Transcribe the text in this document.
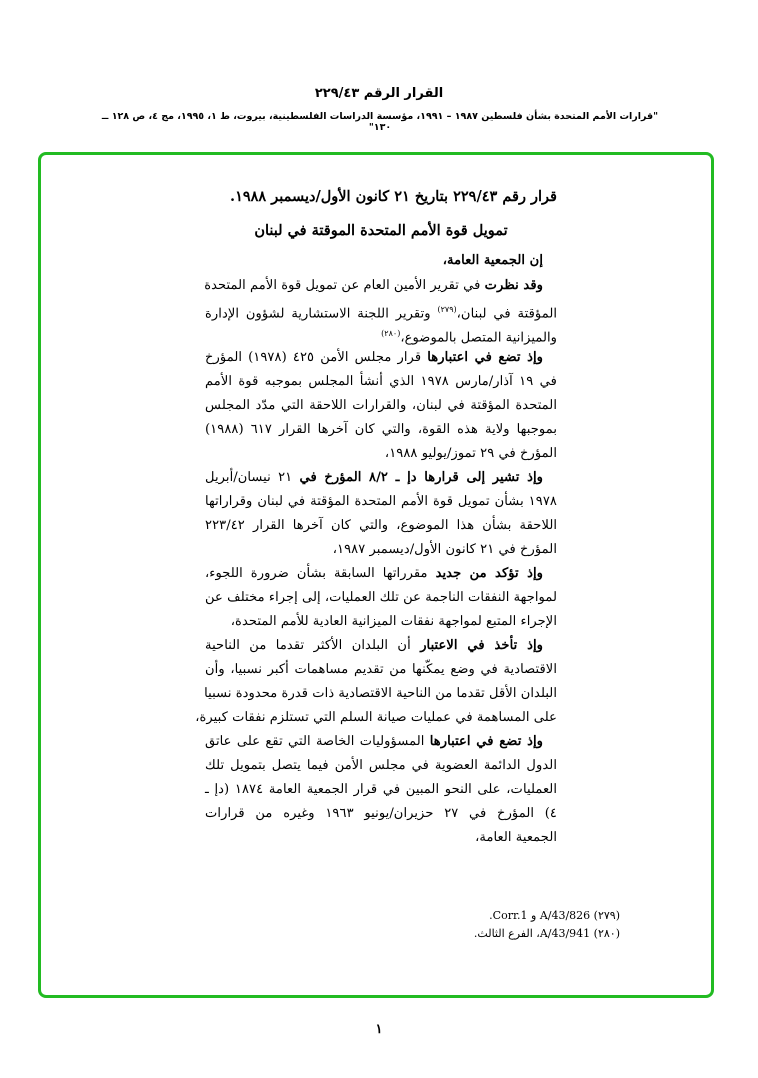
القرار الرقم ٢٢٩/٤٣
"قرارات الأمم المتحدة بشأن فلسطين ١٩٨٧ – ١٩٩١، مؤسسة الدراسات الفلسطينية، بيروت، ط ١، ١٩٩٥، مج ٤، ص ١٢٨ ــ ١٣٠"
قرار رقم ٢٢٩/٤٣ بتاريخ ٢١ كانون الأول/ديسمبر ١٩٨٨.
تمويل قوة الأمم المتحدة الموقتة في لبنان
إن الجمعية العامة،
وقد نظرت في تقرير الأمين العام عن تمويل قوة الأمم المتحدة
المؤقتة في لبنان،$^{(٢٧٩)}$ وتقرير اللجنة الاستشارية لشؤون الإدارة
والميزانية المتصل بالموضوع،$^{(٢٨٠)}$
وإذ تضع في اعتبارها قرار مجلس الأمن ٤٢٥ (١٩٧٨) المؤرخ
في ١٩ آذار/مارس ١٩٧٨ الذي أنشأ المجلس بموجبه قوة الأمم
المتحدة المؤقتة في لبنان، والقرارات اللاحقة التي مدّد المجلس
بموجبها ولاية هذه القوة، والتي كان آخرها القرار ٦١٧ (١٩٨٨)
المؤرخ في ٢٩ تموز/يوليو ١٩٨٨،
وإذ تشير إلى قرارها دإ ـ ٨/٢ المؤرخ في ٢١ نيسان/أبريل
١٩٧٨ بشأن تمويل قوة الأمم المتحدة المؤقتة في لبنان وقراراتها
اللاحقة بشأن هذا الموضوع، والتي كان آخرها القرار ٢٢٣/٤٢
المؤرخ في ٢١ كانون الأول/ديسمبر ١٩٨٧،
وإذ تؤكد من جديد مقرراتها السابقة بشأن ضرورة اللجوء،
لمواجهة النفقات الناجمة عن تلك العمليات، إلى إجراء مختلف عن
الإجراء المتبع لمواجهة نفقات الميزانية العادية للأمم المتحدة،
وإذ تأخذ في الاعتبار أن البلدان الأكثر تقدما من الناحية
الاقتصادية في وضع يمكّنها من تقديم مساهمات أكبر نسبيا، وأن
البلدان الأقل تقدما من الناحية الاقتصادية ذات قدرة محدودة نسبيا
على المساهمة في عمليات صيانة السلم التي تستلزم نفقات كبيرة،
وإذ تضع في اعتبارها المسؤوليات الخاصة التي تقع على عاتق
الدول الدائمة العضوية في مجلس الأمن فيما يتصل بتمويل تلك
العمليات، على النحو المبين في قرار الجمعية العامة ١٨٧٤ (دإ ـ
٤) المؤرخ في ٢٧ حزيران/يونيو ١٩٦٣ وغيره من قرارات
الجمعية العامة،
(٢٧٩) A/43/826 و Corr.1.
(٢٨٠) A/43/941، الفرع الثالث.
١
